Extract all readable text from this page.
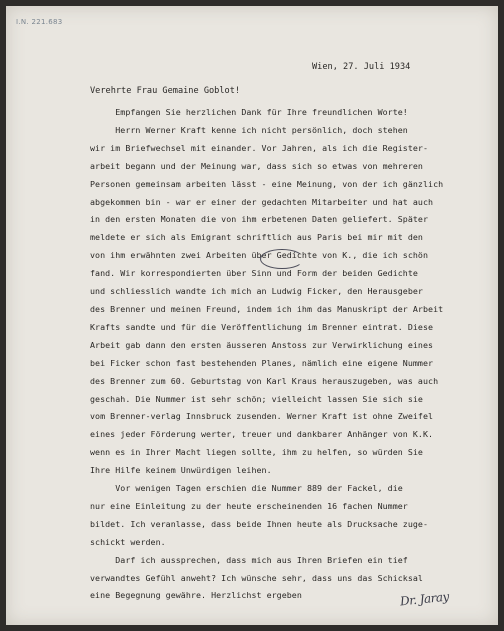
I.N. 221.683
Wien, 27. Juli 1934
Verehrte Frau Gemaine Goblot!
Empfangen Sie herzlichen Dank für Ihre freundlichen Worte!
Herrn Werner Kraft kenne ich nicht persönlich, doch stehen
wir im Briefwechsel mit einander. Vor Jahren, als ich die Register-
arbeit begann und der Meinung war, dass sich so etwas von mehreren
Personen gemeinsam arbeiten lässt - eine Meinung, von der ich gänzlich
abgekommen bin - war er einer der gedachten Mitarbeiter und hat auch
in den ersten Monaten die von ihm erbetenen Daten geliefert. Später
meldete er sich als Emigrant schriftlich aus Paris bei mir mit den
von ihm erwähnten zwei Arbeiten über Gedichte von K., die ich schön
fand. Wir korrespondierten über Sinn und Form der beiden Gedichte
und schliesslich wandte ich mich an Ludwig Ficker, den Herausgeber
des Brenner und meinen Freund, indem ich ihm das Manuskript der Arbeit
Krafts sandte und für die Veröffentlichung im Brenner eintrat. Diese
Arbeit gab dann den ersten äusseren Anstoss zur Verwirklichung eines
bei Ficker schon fast bestehenden Planes, nämlich eine eigene Nummer
des Brenner zum 60. Geburtstag von Karl Kraus herauszugeben, was auch
geschah. Die Nummer ist sehr schön; vielleicht lassen Sie sich sie
vom Brenner-verlag Innsbruck zusenden. Werner Kraft ist ohne Zweifel
eines jeder Förderung werter, treuer und dankbarer Anhänger von K.K.
wenn es in Ihrer Macht liegen sollte, ihm zu helfen, so würden Sie
Ihre Hilfe keinem Unwürdigen leihen.
Vor wenigen Tagen erschien die Nummer 889 der Fackel, die
nur eine Einleitung zu der heute erscheinenden 16 fachen Nummer
bildet. Ich veranlasse, dass beide Ihnen heute als Drucksache zuge-
schickt werden.
Darf ich aussprechen, dass mich aus Ihren Briefen ein tief
verwandtes Gefühl anweht? Ich wünsche sehr, dass uns das Schicksal
eine Begegnung gewähre. Herzlichst ergeben	Dr. Jaray
